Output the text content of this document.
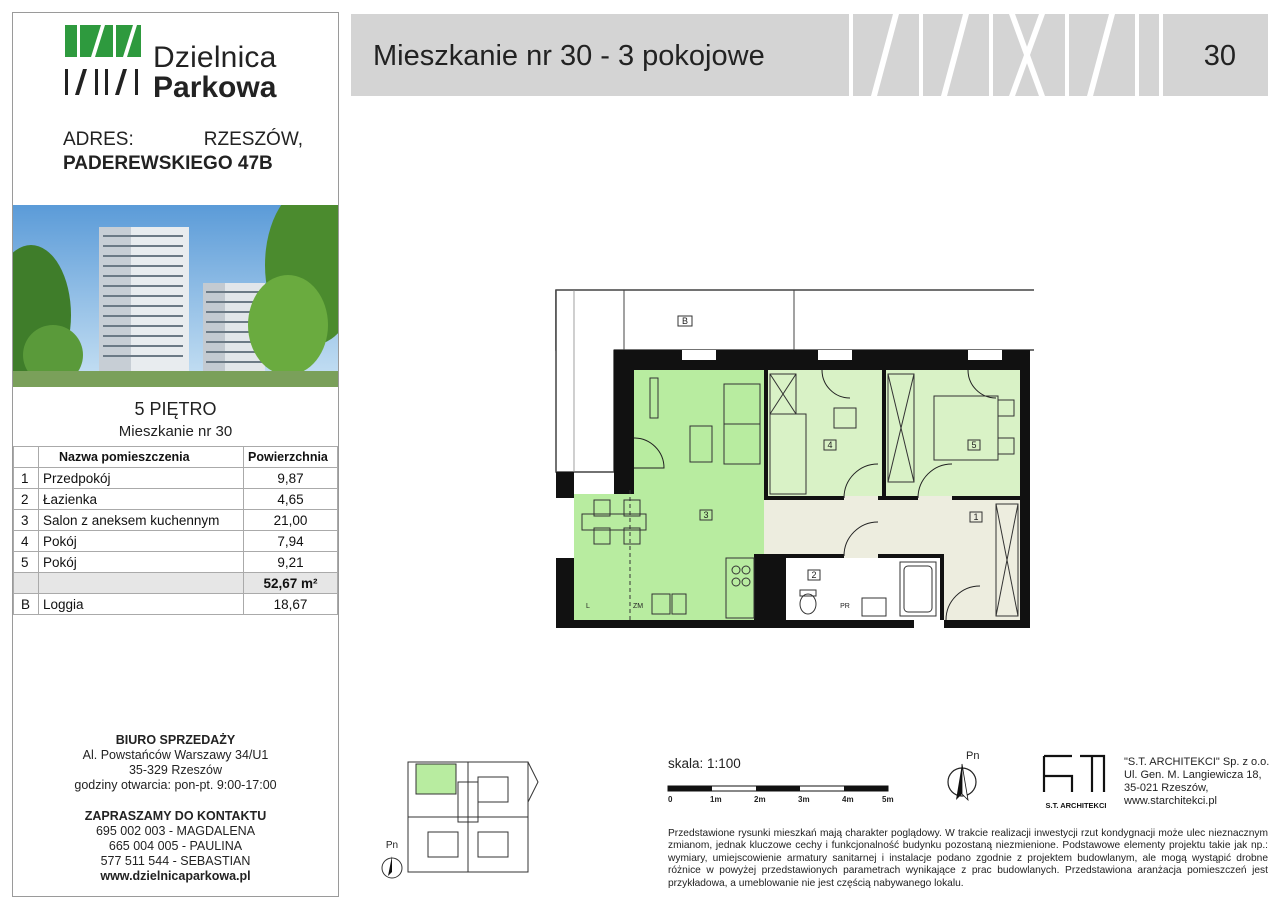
Dzielnica
Parkowa
ADRES:	RZESZÓW,
PADEREWSKIEGO 47B
5 PIĘTRO
Mieszkanie nr 30
	Nazwa pomieszczenia	Powierzchnia
1	Przedpokój	9,87
2	Łazienka	4,65
3	Salon z aneksem kuchennym	21,00
4	Pokój	7,94
5	Pokój	9,21
		52,67 m²
B	Loggia	18,67
BIURO SPRZEDAŻY
Al. Powstańców Warszawy 34/U1
35-329 Rzeszów
godziny otwarcia: pon-pt. 9:00-17:00
ZAPRASZAMY DO KONTAKTU
695 002 003 - MAGDALENA
665 004 005 - PAULINA
577 511 544 - SEBASTIAN
www.dzielnicaparkowa.pl
Mieszkanie nr 30 - 3 pokojowe	30
B
3
4	5
1
2
L	ZM	PR
Pn
skala: 1:100
0	1m	2m	3m	4m	5m
Pn
S.T. ARCHITEKCI
"S.T. ARCHITEKCI" Sp. z o.o.
Ul. Gen. M. Langiewicza 18,
35-021 Rzeszów,
www.starchitekci.pl
Przedstawione rysunki mieszkań mają charakter poglądowy. W trakcie realizacji inwestycji rzut kondygnacji może ulec nieznacznym zmianom, jednak kluczowe cechy i funkcjonalność budynku pozostaną niezmienione. Podstawowe elementy projektu takie jak np.: wymiary, umiejscowienie armatury sanitarnej i instalacje podano zgodnie z projektem budowlanym, ale mogą wystąpić drobne różnice w powyżej przedstawionych parametrach wynikające z prac budowlanych. Przedstawiona aranżacja pomieszczeń jest przykładowa, a umeblowanie nie jest częścią nabywanego lokalu.
